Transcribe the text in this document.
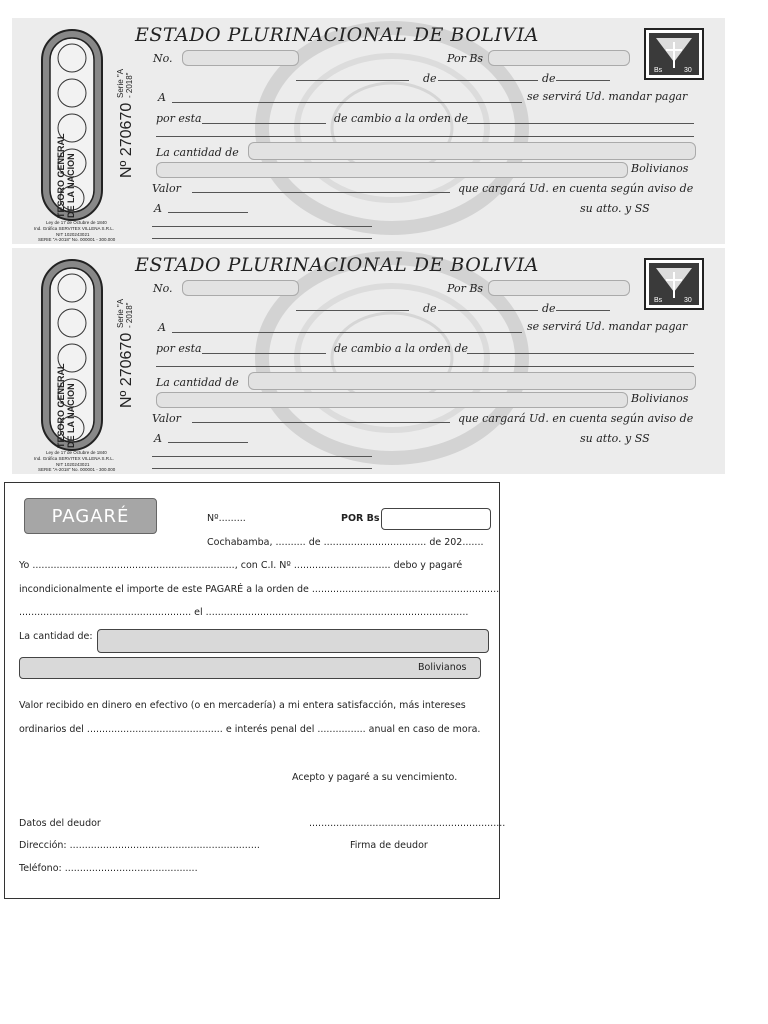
TESORO GENERAL DE LA NACION
Serie "A - 2018"
Nº 270670
Ley de 17 de Octubre de 1840
Ind. Gráfica SERVITEX VILLENA S.R.L.
NIT 1020243021
SERIE "A-2018" No. 000001 - 300.000
ESTADO PLURINACIONAL DE BOLIVIA
Bs	30
No.	Por Bs
de	de
A	se servirá Ud. mandar pagar
por esta	de cambio a la orden de
La cantidad de
Bolivianos
Valor	que cargará Ud. en cuenta según aviso de
A	su atto. y SS
TESORO GENERAL DE LA NACION
Serie "A - 2018"
Nº 270670
Ley de 17 de Octubre de 1840
Ind. Gráfica SERVITEX VILLENA S.R.L.
NIT 1020243021
SERIE "A-2018" No. 000001 - 300.000
ESTADO PLURINACIONAL DE BOLIVIA
Bs	30
No.	Por Bs
de	de
A	se servirá Ud. mandar pagar
por esta	de cambio a la orden de
La cantidad de
Bolivianos
Valor	que cargará Ud. en cuenta según aviso de
A	su atto. y SS
PAGARÉ	Nº.........	POR Bs
Cochabamba, .......... de .................................. de 202.......
Yo ..................................................................., con C.I. Nº ................................ debo y pagaré
incondicionalmente el importe de este PAGARÉ a la orden de ..............................................................
......................................................... el .......................................................................................
La cantidad de:
Bolivianos
Valor recibido en dinero en efectivo (o en mercadería) a mi entera satisfacción, más intereses
ordinarios del ............................................. e interés penal del ................ anual en caso de mora.
Acepto y pagaré a su vencimiento.
Datos del deudor	.................................................................
Dirección: ...............................................................	Firma de deudor
Teléfono: ............................................
